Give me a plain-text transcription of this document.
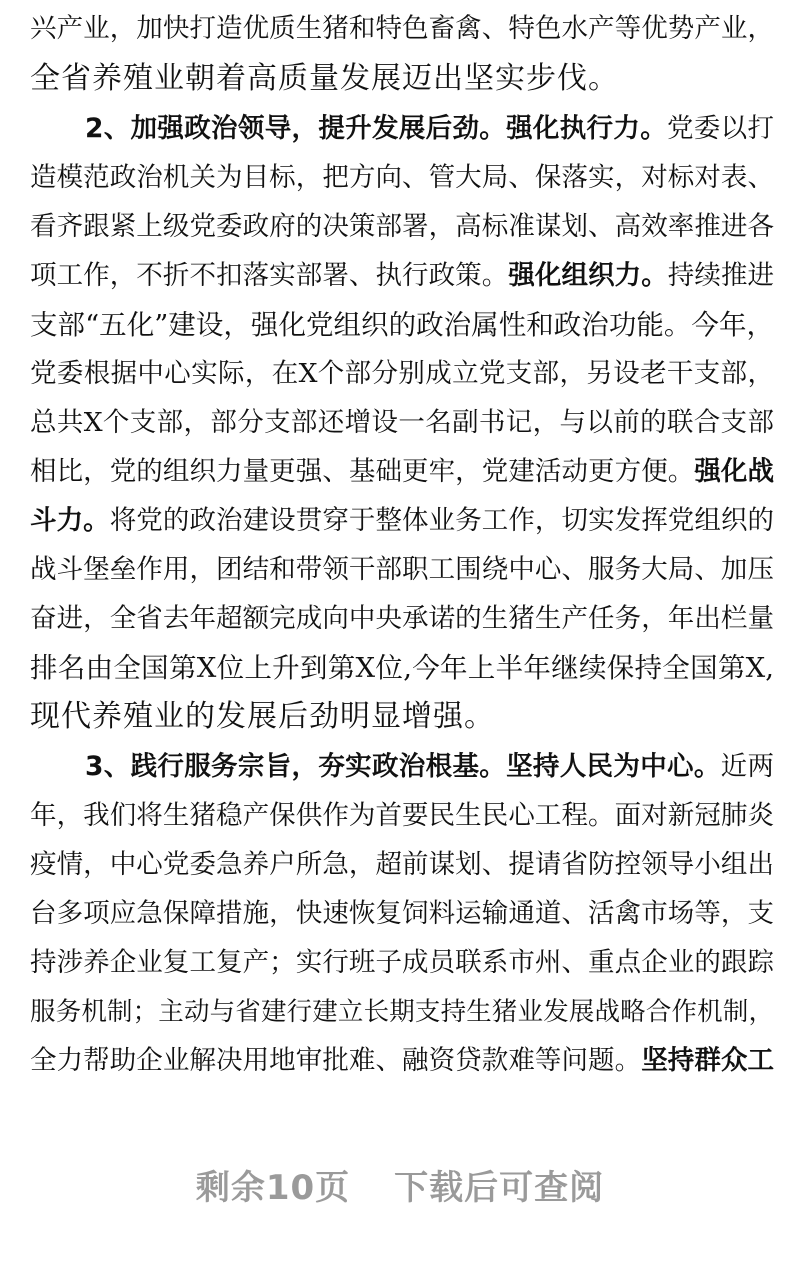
兴产业，加快打造优质生猪和特色畜禽、特色水产等优势产业，
全省养殖业朝着高质量发展迈出坚实步伐。
2、加强政治领导，提升发展后劲。强化执行力。党委以打
造模范政治机关为目标，把方向、管大局、保落实，对标对表、
看齐跟紧上级党委政府的决策部署，高标准谋划、高效率推进各
项工作，不折不扣落实部署、执行政策。强化组织力。持续推进
支部“五化”建设，强化党组织的政治属性和政治功能。今年，
党委根据中心实际，在X个部分别成立党支部，另设老干支部，
总共X个支部，部分支部还增设一名副书记，与以前的联合支部
相比，党的组织力量更强、基础更牢，党建活动更方便。强化战
斗力。将党的政治建设贯穿于整体业务工作，切实发挥党组织的
战斗堡垒作用，团结和带领干部职工围绕中心、服务大局、加压
奋进，全省去年超额完成向中央承诺的生猪生产任务，年出栏量
排名由全国第X位上升到第X位,今年上半年继续保持全国第X,
现代养殖业的发展后劲明显增强。
3、践行服务宗旨，夯实政治根基。坚持人民为中心。近两
年，我们将生猪稳产保供作为首要民生民心工程。面对新冠肺炎
疫情，中心党委急养户所急，超前谋划、提请省防控领导小组出
台多项应急保障措施，快速恢复饲料运输通道、活禽市场等，支
持涉养企业复工复产；实行班子成员联系市州、重点企业的跟踪
服务机制；主动与省建行建立长期支持生猪业发展战略合作机制，
全力帮助企业解决用地审批难、融资贷款难等问题。坚持群众工
剩余10页 下载后可查阅
